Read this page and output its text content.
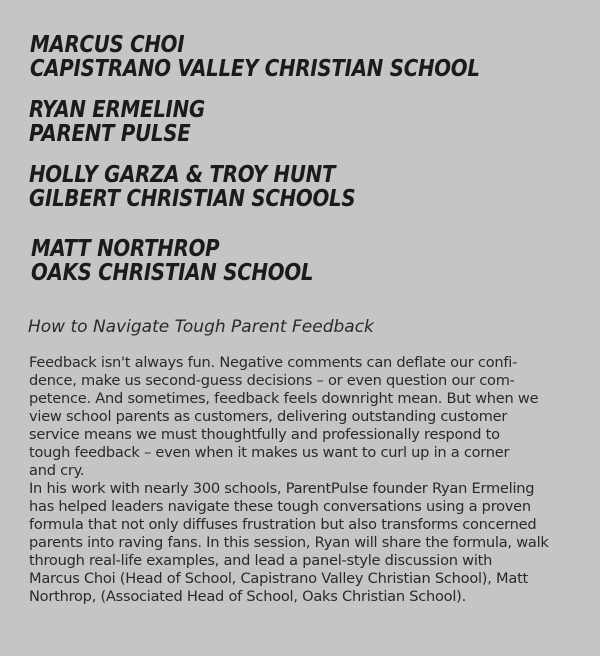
MARCUS CHOI
CAPISTRANO VALLEY CHRISTIAN SCHOOL
RYAN ERMELING
PARENT PULSE
HOLLY GARZA & TROY HUNT
GILBERT CHRISTIAN SCHOOLS
MATT NORTHROP
OAKS CHRISTIAN SCHOOL
How to Navigate Tough Parent Feedback

Feedback isn't always fun. Negative comments can deflate our confi-
dence, make us second-guess decisions – or even question our com-
petence. And sometimes, feedback feels downright mean. But when we
view school parents as customers, delivering outstanding customer
service means we must thoughtfully and professionally respond to
tough feedback – even when it makes us want to curl up in a corner
and cry.
In his work with nearly 300 schools, ParentPulse founder Ryan Ermeling
has helped leaders navigate these tough conversations using a proven
formula that not only diffuses frustration but also transforms concerned
parents into raving fans. In this session, Ryan will share the formula, walk
through real-life examples, and lead a panel-style discussion with
Marcus Choi (Head of School, Capistrano Valley Christian School), Matt
Northrop, (Associated Head of School, Oaks Christian School).
